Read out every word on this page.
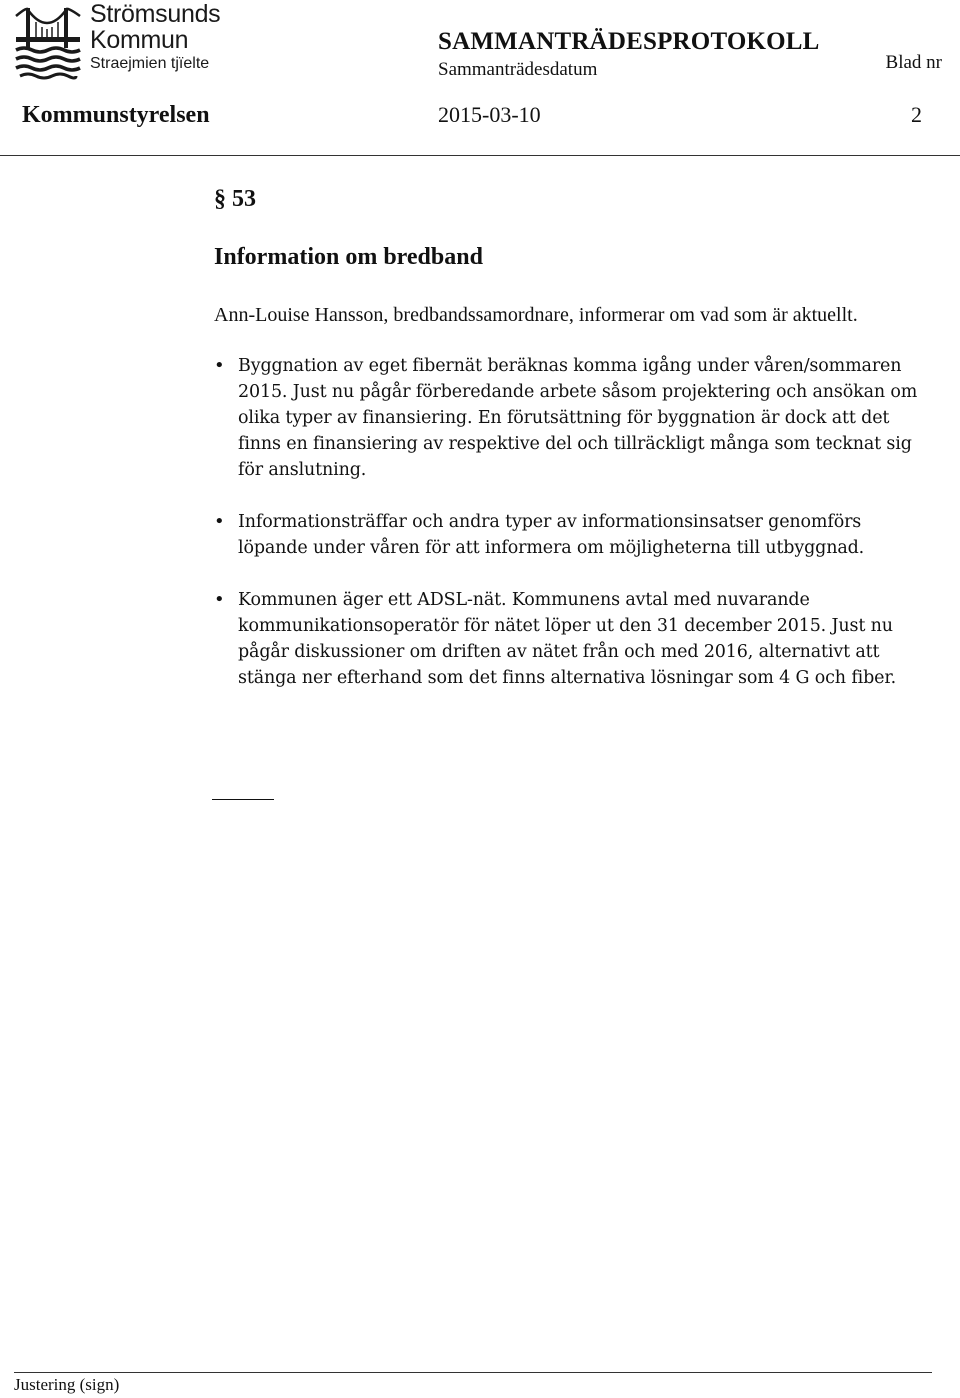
Strömsunds
Kommun
Straejmien tjïelte
SAMMANTRÄDESPROTOKOLL
Sammanträdesdatum	Blad nr
Kommunstyrelsen	2015-03-10	2
§ 53
Information om bredband

Ann-Louise Hansson, bredbandssamordnare, informerar om vad som är aktuellt.

• Byggnation av eget fibernät beräknas komma igång under våren/sommaren 2015. Just nu pågår förberedande arbete såsom projektering och ansökan om olika typer av finansiering. En förutsättning för byggnation är dock att det finns en finansiering av respektive del och tillräckligt många som tecknat sig för anslutning.
• Informationsträffar och andra typer av informationsinsatser genomförs löpande under våren för att informera om möjligheterna till utbyggnad.
• Kommunen äger ett ADSL-nät. Kommunens avtal med nuvarande kommunikationsoperatör för nätet löper ut den 31 december 2015. Just nu pågår diskussioner om driften av nätet från och med 2016, alternativt att stänga ner efterhand som det finns alternativa lösningar som 4 G och fiber.
Justering (sign)
